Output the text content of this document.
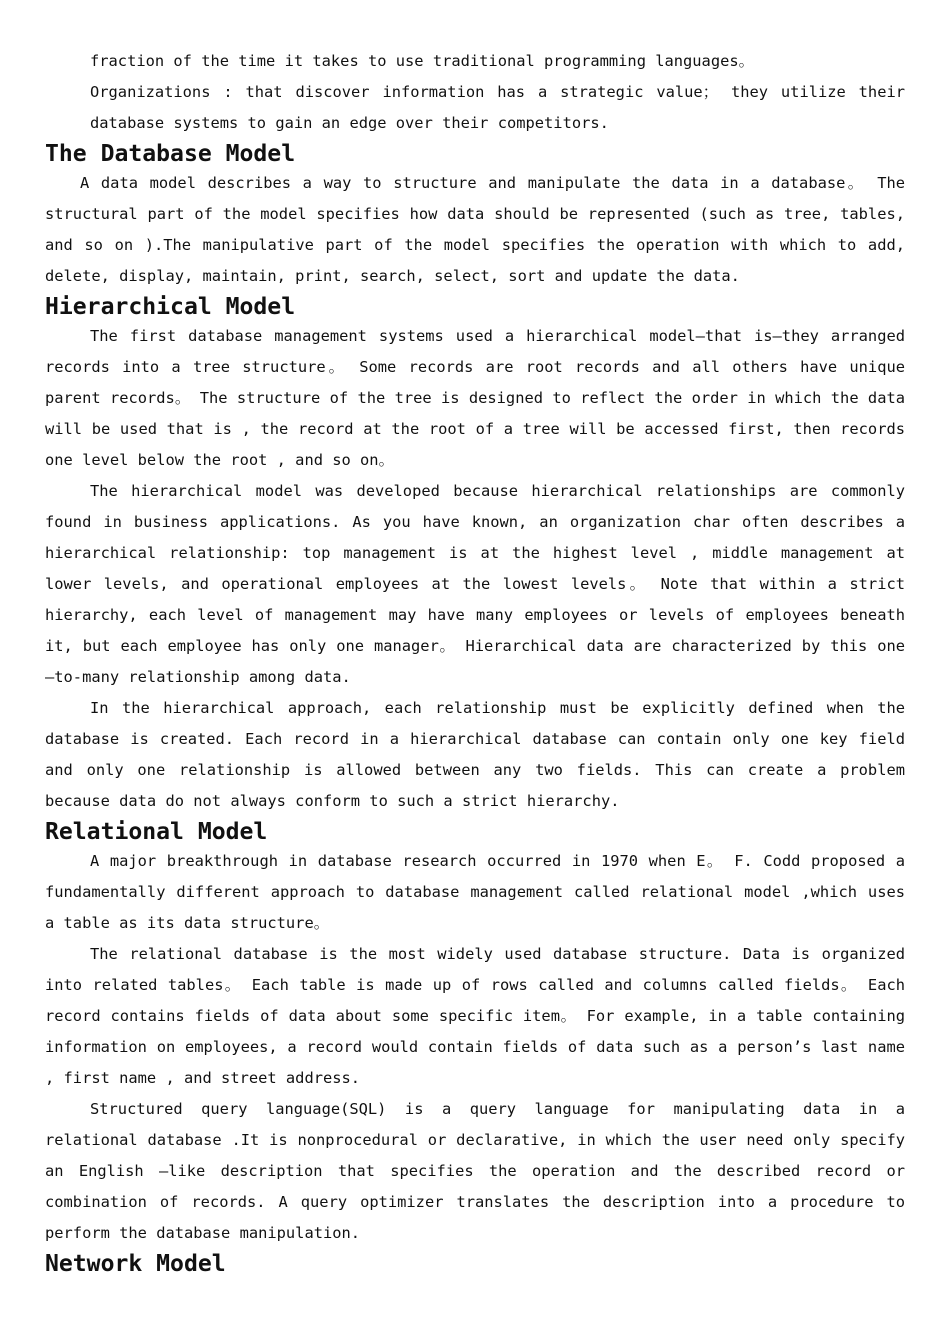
fraction of the time it takes to use traditional programming languages。

Organizations : that discover information has a strategic value； they utilize their database systems to gain an edge over their competitors.

The Database Model

A data model describes a way to structure and manipulate the data in a database。 The structural part of the model specifies how data should be represented (such as tree, tables, and so on ).The manipulative part of the model specifies the operation with which to add, delete, display, maintain, print, search, select, sort and update the data.

Hierarchical Model

The first database management systems used a hierarchical model—that is—they arranged records into a tree structure。 Some records are root records and all others have unique parent records。 The structure of the tree is designed to reflect the order in which the data will be used that is , the record at the root of a tree will be accessed first, then records one level below the root , and so on。

The hierarchical model was developed because hierarchical relationships are commonly found in business applications. As you have known, an organization char often describes a hierarchical relationship: top management is at the highest level , middle management at lower levels, and operational employees at the lowest levels。 Note that within a strict hierarchy, each level of management may have many employees or levels of employees beneath it, but each employee has only one manager。 Hierarchical data are characterized by this one —to-many relationship among data.

In the hierarchical approach, each relationship must be explicitly defined when the database is created. Each record in a hierarchical database can contain only one key field and only one relationship is allowed between any two fields. This can create a problem because data do not always conform to such a strict hierarchy.

Relational Model

A major breakthrough in database research occurred in 1970 when E。 F. Codd proposed a fundamentally different approach to database management called relational model ,which uses a table as its data structure。

The relational database is the most widely used database structure. Data is organized into related tables。 Each table is made up of rows called and columns called fields。 Each record contains fields of data about some specific item。 For example, in a table containing information on employees, a record would contain fields of data such as a person’s last name , first name , and street address.

Structured query language(SQL) is a query language for manipulating data in a relational database .It is nonprocedural or declarative, in which the user need only specify an English —like description that specifies the operation and the described record or combination of records. A query optimizer translates the description into a procedure to perform the database manipulation.

Network Model
